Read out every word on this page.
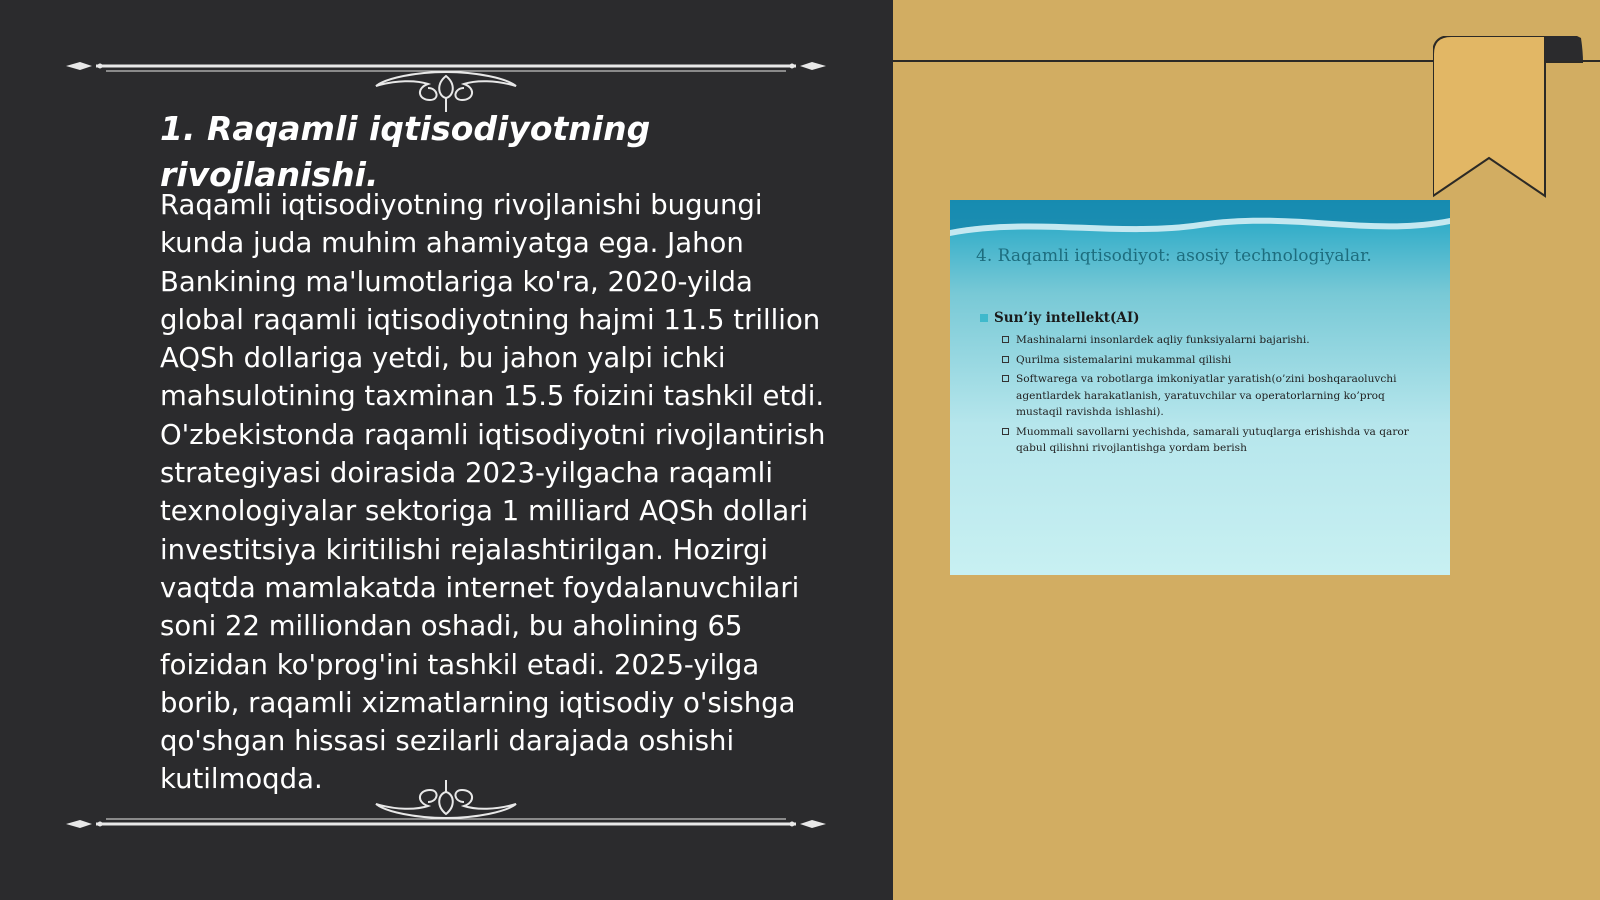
1. Raqamli iqtisodiyotning rivojlanishi.

Raqamli iqtisodiyotning rivojlanishi bugungi kunda juda muhim ahamiyatga ega. Jahon Bankining ma'lumotlariga ko'ra, 2020-yilda global raqamli iqtisodiyotning hajmi 11.5 trillion AQSh dollariga yetdi, bu jahon yalpi ichki mahsulotining taxminan 15.5 foizini tashkil etdi. O'zbekistonda raqamli iqtisodiyotni rivojlantirish strategiyasi doirasida 2023-yilgacha raqamli texnologiyalar sektoriga 1 milliard AQSh dollari investitsiya kiritilishi rejalashtirilgan. Hozirgi vaqtda mamlakatda internet foydalanuvchilari soni 22 milliondan oshadi, bu aholining 65 foizidan ko'prog'ini tashkil etadi. 2025-yilga borib, raqamli xizmatlarning iqtisodiy o'sishga qo'shgan hissasi sezilarli darajada oshishi kutilmoqda.

4. Raqamli iqtisodiyot: asosiy technologiyalar.
Sun’iy intellekt(AI)
Mashinalarni insonlardek aqliy funksiyalarni bajarishi.
Qurilma sistemalarini mukammal qilishi
Softwarega va robotlarga imkoniyatlar yaratish(o’zini boshqaraoluvchi agentlardek harakatlanish, yaratuvchilar va operatorlarning ko’proq mustaqil ravishda ishlashi).
Muommali savollarni yechishda, samarali yutuqlarga erishishda va qaror qabul qilishni rivojlantishga yordam berish
